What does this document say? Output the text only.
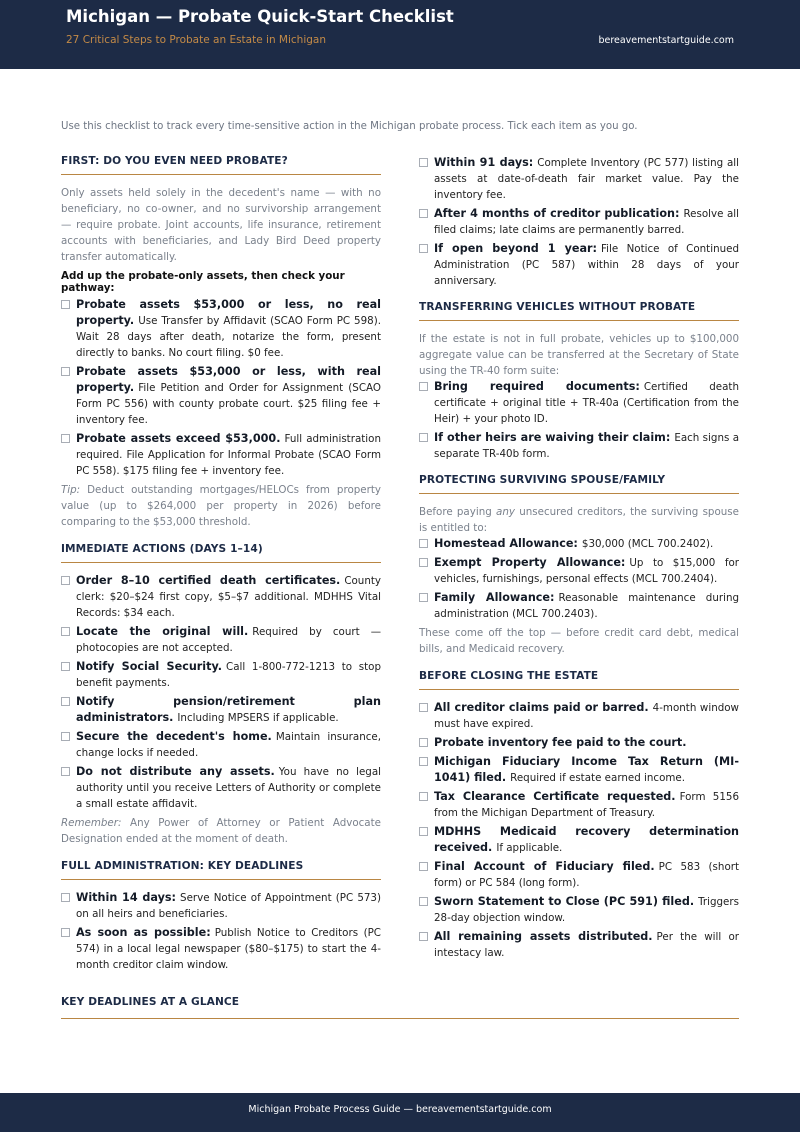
Michigan — Probate Quick-Start Checklist
27 Critical Steps to Probate an Estate in Michigan	bereavementstartguide.com
Use this checklist to track every time-sensitive action in the Michigan probate process. Tick each item as you go.
FIRST: DO YOU EVEN NEED PROBATE?
Only assets held solely in the decedent's name — with no beneficiary, no co-owner, and no survivorship arrangement — require probate. Joint accounts, life insurance, retirement accounts with beneficiaries, and Lady Bird Deed property transfer automatically.
Add up the probate-only assets, then check your pathway:
Probate assets $53,000 or less, no real property. Use Transfer by Affidavit (SCAO Form PC 598). Wait 28 days after death, notarize the form, present directly to banks. No court filing. $0 fee.
Probate assets $53,000 or less, with real property. File Petition and Order for Assignment (SCAO Form PC 556) with county probate court. $25 filing fee + inventory fee.
Probate assets exceed $53,000. Full administration required. File Application for Informal Probate (SCAO Form PC 558). $175 filing fee + inventory fee.
Tip: Deduct outstanding mortgages/HELOCs from property value (up to $264,000 per property in 2026) before comparing to the $53,000 threshold.
IMMEDIATE ACTIONS (DAYS 1–14)
Order 8–10 certified death certificates. County clerk: $20–$24 first copy, $5–$7 additional. MDHHS Vital Records: $34 each.
Locate the original will. Required by court — photocopies are not accepted.
Notify Social Security. Call 1-800-772-1213 to stop benefit payments.
Notify pension/retirement plan administrators. Including MPSERS if applicable.
Secure the decedent's home. Maintain insurance, change locks if needed.
Do not distribute any assets. You have no legal authority until you receive Letters of Authority or complete a small estate affidavit.
Remember: Any Power of Attorney or Patient Advocate Designation ended at the moment of death.
FULL ADMINISTRATION: KEY DEADLINES
Within 14 days: Serve Notice of Appointment (PC 573) on all heirs and beneficiaries.
As soon as possible: Publish Notice to Creditors (PC 574) in a local legal newspaper ($80–$175) to start the 4-month creditor claim window.
Within 91 days: Complete Inventory (PC 577) listing all assets at date-of-death fair market value. Pay the inventory fee.
After 4 months of creditor publication: Resolve all filed claims; late claims are permanently barred.
If open beyond 1 year: File Notice of Continued Administration (PC 587) within 28 days of your anniversary.
TRANSFERRING VEHICLES WITHOUT PROBATE
If the estate is not in full probate, vehicles up to $100,000 aggregate value can be transferred at the Secretary of State using the TR-40 form suite:
Bring required documents: Certified death certificate + original title + TR-40a (Certification from the Heir) + your photo ID.
If other heirs are waiving their claim: Each signs a separate TR-40b form.
PROTECTING SURVIVING SPOUSE/FAMILY
Before paying any unsecured creditors, the surviving spouse is entitled to:
Homestead Allowance: $30,000 (MCL 700.2402).
Exempt Property Allowance: Up to $15,000 for vehicles, furnishings, personal effects (MCL 700.2404).
Family Allowance: Reasonable maintenance during administration (MCL 700.2403).
These come off the top — before credit card debt, medical bills, and Medicaid recovery.
BEFORE CLOSING THE ESTATE
All creditor claims paid or barred. 4-month window must have expired.
Probate inventory fee paid to the court.
Michigan Fiduciary Income Tax Return (MI-1041) filed. Required if estate earned income.
Tax Clearance Certificate requested. Form 5156 from the Michigan Department of Treasury.
MDHHS Medicaid recovery determination received. If applicable.
Final Account of Fiduciary filed. PC 583 (short form) or PC 584 (long form).
Sworn Statement to Close (PC 591) filed. Triggers 28-day objection window.
All remaining assets distributed. Per the will or intestacy law.
KEY DEADLINES AT A GLANCE
Michigan Probate Process Guide — bereavementstartguide.com
